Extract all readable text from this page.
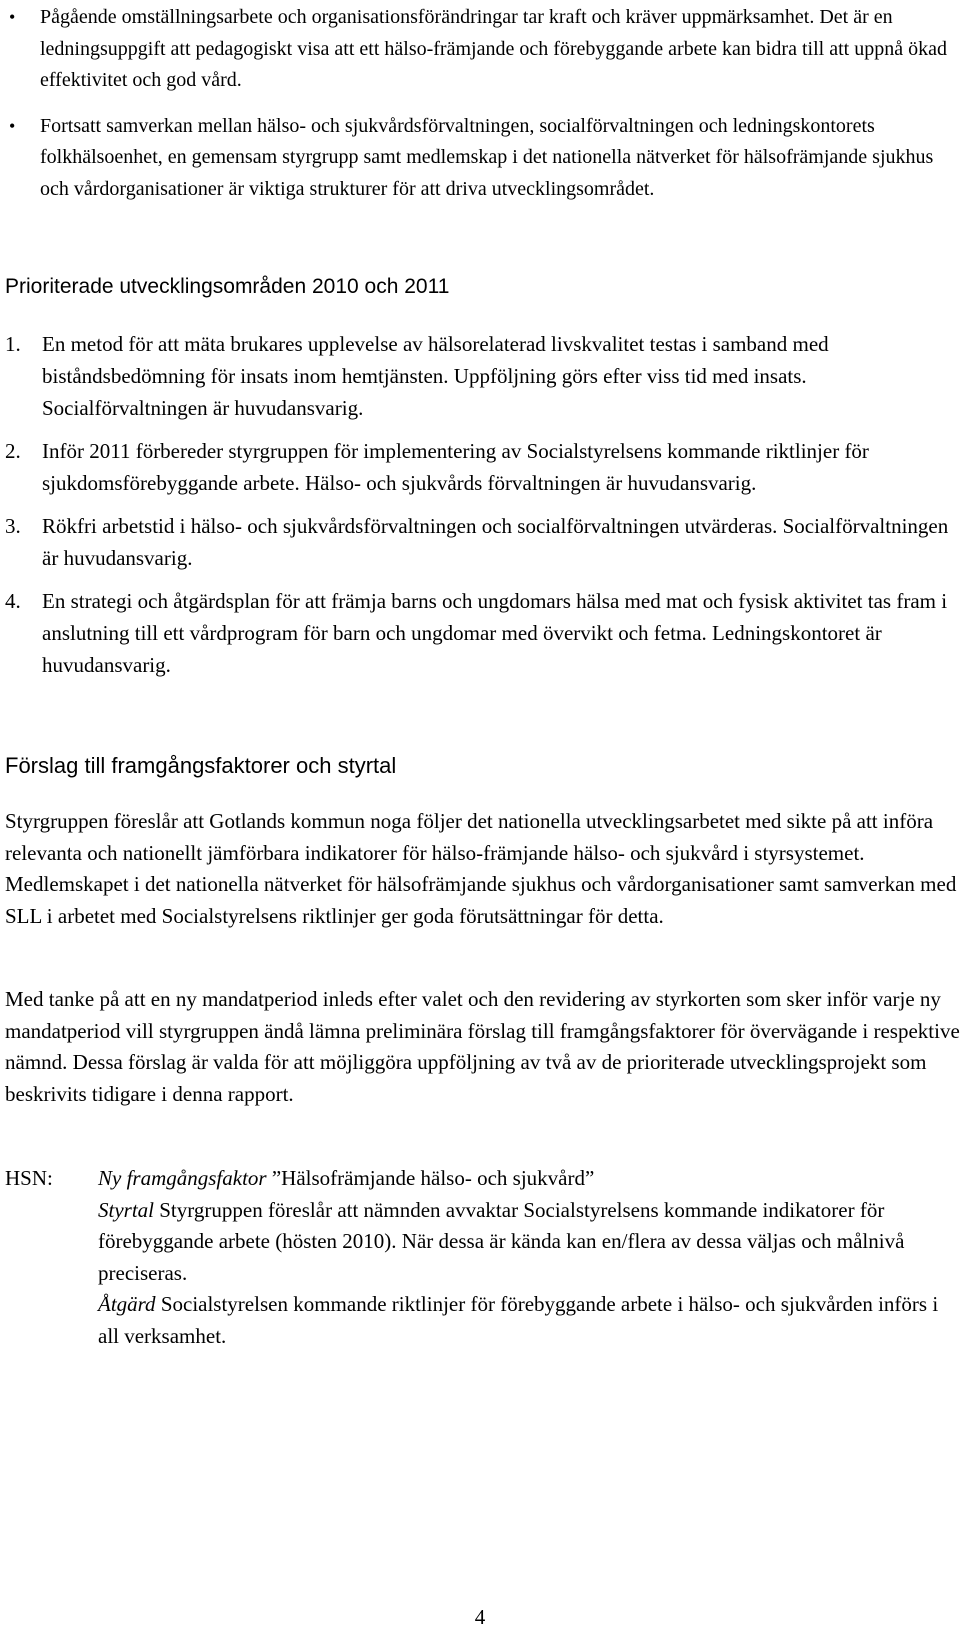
• Pågående omställningsarbete och organisationsförändringar tar kraft och kräver uppmärksamhet. Det är en ledningsuppgift att pedagogiskt visa att ett hälso-främjande och förebyggande arbete kan bidra till att uppnå ökad effektivitet och god vård.
• Fortsatt samverkan mellan hälso- och sjukvårdsförvaltningen, socialförvaltningen och ledningskontorets folkhälsoenhet, en gemensam styrgrupp samt medlemskap i det nationella nätverket för hälsofrämjande sjukhus och vårdorganisationer är viktiga strukturer för att driva utvecklingsområdet.
Prioriterade utvecklingsområden 2010 och 2011
1. En metod för att mäta brukares upplevelse av hälsorelaterad livskvalitet testas i samband med biståndsbedömning för insats inom hemtjänsten. Uppföljning görs efter viss tid med insats. Socialförvaltningen är huvudansvarig.
2. Inför 2011 förbereder styrgruppen för implementering av Socialstyrelsens kommande riktlinjer för sjukdomsförebyggande arbete. Hälso- och sjukvårds förvaltningen är huvudansvarig.
3. Rökfri arbetstid i hälso- och sjukvårdsförvaltningen och socialförvaltningen utvärderas. Socialförvaltningen är huvudansvarig.
4. En strategi och åtgärdsplan för att främja barns och ungdomars hälsa med mat och fysisk aktivitet tas fram i anslutning till ett vårdprogram för barn och ungdomar med övervikt och fetma. Ledningskontoret är huvudansvarig.
Förslag till framgångsfaktorer och styrtal

Styrgruppen föreslår att Gotlands kommun noga följer det nationella utvecklingsarbetet med sikte på att införa relevanta och nationellt jämförbara indikatorer för hälso-främjande hälso- och sjukvård i styrsystemet. Medlemskapet i det nationella nätverket för hälsofrämjande sjukhus och vårdorganisationer samt samverkan med SLL i arbetet med Socialstyrelsens riktlinjer ger goda förutsättningar för detta.

Med tanke på att en ny mandatperiod inleds efter valet och den revidering av styrkorten som sker inför varje ny mandatperiod vill styrgruppen ändå lämna preliminära förslag till framgångsfaktorer för övervägande i respektive nämnd. Dessa förslag är valda för att möjliggöra uppföljning av två av de prioriterade utvecklingsprojekt som beskrivits tidigare i denna rapport.

HSN: Ny framgångsfaktor ”Hälsofrämjande hälso- och sjukvård”
Styrtal Styrgruppen föreslår att nämnden avvaktar Socialstyrelsens kommande indikatorer för förebyggande arbete (hösten 2010). När dessa är kända kan en/flera av dessa väljas och målnivå preciseras.
Åtgärd Socialstyrelsen kommande riktlinjer för förebyggande arbete i hälso- och sjukvården införs i all verksamhet.
4
